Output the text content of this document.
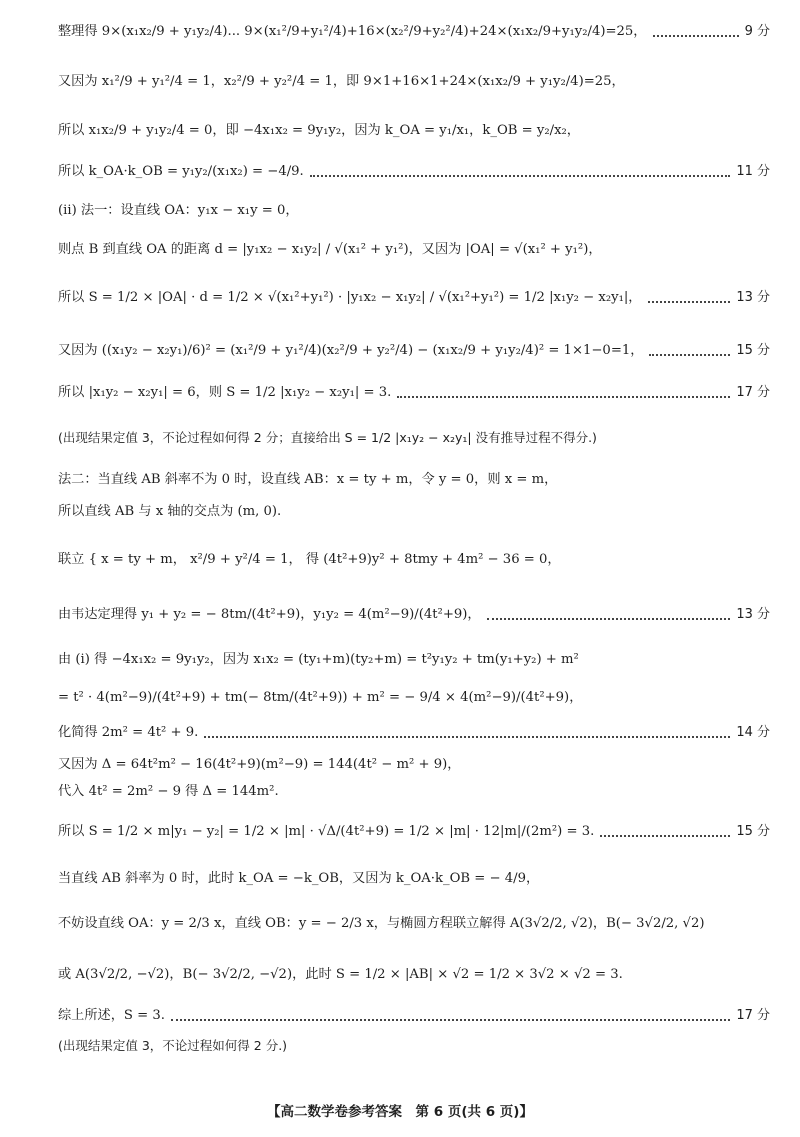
整理得 9×(x₁x₂/9 + y₁y₂/4)... 9×(x₁²/9+y₁²/4)+16×(x₂²/9+y₂²/4)+24×(x₁x₂/9+y₁y₂/4)=25，	9 分
又因为 x₁²/9 + y₁²/4 = 1，x₂²/9 + y₂²/4 = 1，即 9×1+16×1+24×(x₁x₂/9 + y₁y₂/4)=25，
所以 x₁x₂/9 + y₁y₂/4 = 0，即 −4x₁x₂ = 9y₁y₂，因为 k_OA = y₁/x₁，k_OB = y₂/x₂，
所以 k_OA·k_OB = y₁y₂/(x₁x₂) = −4/9.	11 分
(ⅱ) 法一：设直线 OA：y₁x − x₁y = 0，
则点 B 到直线 OA 的距离 d = |y₁x₂ − x₁y₂| / √(x₁² + y₁²)，又因为 |OA| = √(x₁² + y₁²)，
所以 S = 1/2 × |OA| · d = 1/2 × √(x₁²+y₁²) · |y₁x₂ − x₁y₂| / √(x₁²+y₁²) = 1/2 |x₁y₂ − x₂y₁|，	13 分
又因为 ((x₁y₂ − x₂y₁)/6)² = (x₁²/9 + y₁²/4)(x₂²/9 + y₂²/4) − (x₁x₂/9 + y₁y₂/4)² = 1×1−0=1，	15 分
所以 |x₁y₂ − x₂y₁| = 6，则 S = 1/2 |x₁y₂ − x₂y₁| = 3.	17 分
(出现结果定值 3，不论过程如何得 2 分；直接给出 S = 1/2 |x₁y₂ − x₂y₁| 没有推导过程不得分.)
法二：当直线 AB 斜率不为 0 时，设直线 AB：x = ty + m，令 y = 0，则 x = m，
所以直线 AB 与 x 轴的交点为 (m, 0).
联立 { x = ty + m， x²/9 + y²/4 = 1， 得 (4t²+9)y² + 8tmy + 4m² − 36 = 0，
由韦达定理得 y₁ + y₂ = − 8tm/(4t²+9)，y₁y₂ = 4(m²−9)/(4t²+9)，	13 分
由 (ⅰ) 得 −4x₁x₂ = 9y₁y₂，因为 x₁x₂ = (ty₁+m)(ty₂+m) = t²y₁y₂ + tm(y₁+y₂) + m²
= t² · 4(m²−9)/(4t²+9) + tm(− 8tm/(4t²+9)) + m² = − 9/4 × 4(m²−9)/(4t²+9)，
化简得 2m² = 4t² + 9.	14 分
又因为 Δ = 64t²m² − 16(4t²+9)(m²−9) = 144(4t² − m² + 9)，
代入 4t² = 2m² − 9 得 Δ = 144m².
所以 S = 1/2 × m|y₁ − y₂| = 1/2 × |m| · √Δ/(4t²+9) = 1/2 × |m| · 12|m|/(2m²) = 3.	15 分
当直线 AB 斜率为 0 时，此时 k_OA = −k_OB，又因为 k_OA·k_OB = − 4/9，
不妨设直线 OA：y = 2/3 x，直线 OB：y = − 2/3 x，与椭圆方程联立解得 A(3√2/2, √2)，B(− 3√2/2, √2)
或 A(3√2/2, −√2)，B(− 3√2/2, −√2)，此时 S = 1/2 × |AB| × √2 = 1/2 × 3√2 × √2 = 3.
综上所述，S = 3.	17 分
(出现结果定值 3，不论过程如何得 2 分.)
【高二数学卷参考答案　第 6 页(共 6 页)】
